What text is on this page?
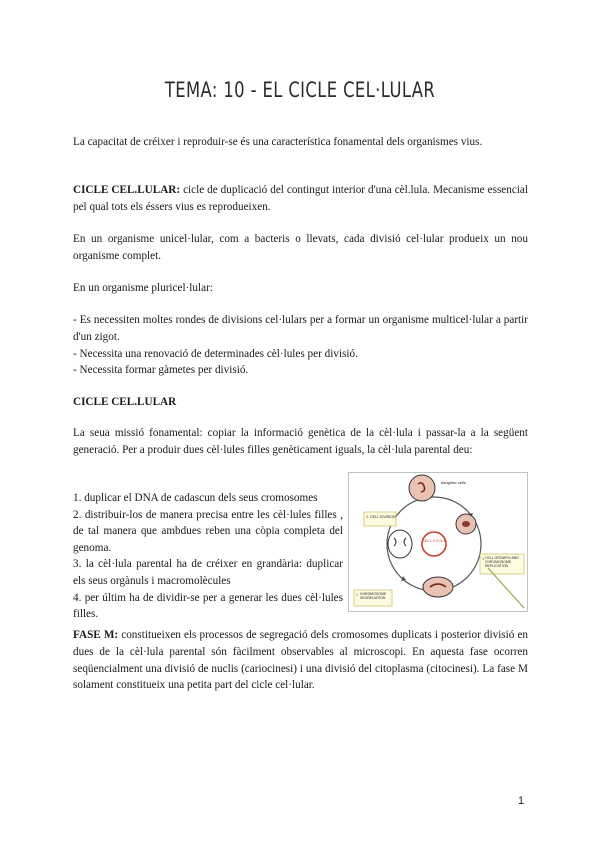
TEMA: 10 - EL CICLE CEL·LULAR

La capacitat de créixer i reproduir-se és una característica fonamental dels organismes vius.

CICLE CEL.LULAR: cicle de duplicació del contingut interior d'una cèl.lula. Mecanisme essencial pel qual tots els éssers vius es reprodueixen.

En un organisme unicel·lular, com a bacteris o llevats, cada divisió cel·lular produeix un nou organisme complet.

En un organisme pluricel·lular:

- Es necessiten moltes rondes de divisions cel·lulars per a formar un organisme multicel·lular a partir d'un zigot.
- Necessita una renovació de determinades cèl·lules per divisió.
- Necessita formar gàmetes per divisió.

CICLE CEL.LULAR

La seua missió fonamental: copiar la informació genètica de la cèl·lula i passar-la a la següent generació. Per a produir dues cèl·lules filles genèticament iguals, la cèl·lula parental deu:

1. duplicar el DNA de cadascun dels seus cromosomes
2. distribuir-los de manera precisa entre les cèl·lules filles , de tal manera que ambdues reben una còpia completa del genoma.
3. la cèl·lula parental ha de créixer en grandària: duplicar els seus orgànuls i macromolècules
4. per últim ha de dividir-se per a generar les dues cèl·lules filles.
CELL CYCLE
daughter cells
3 CELL DIVISION
1 CELL GROWTH AND CHROMOSOME REPLICATION
2 CHROMOSOME SEGREGATION

FASE M: constitueixen els processos de segregació dels cromosomes duplicats i posterior divisió en dues de la cèl·lula parental són fàcilment observables al microscopi. En aquesta fase ocorren seqüencialment una divisió de nuclis (cariocinesi) i una divisió del citoplasma (citocinesi). La fase M solament constitueix una petita part del cicle cel·lular.

1
